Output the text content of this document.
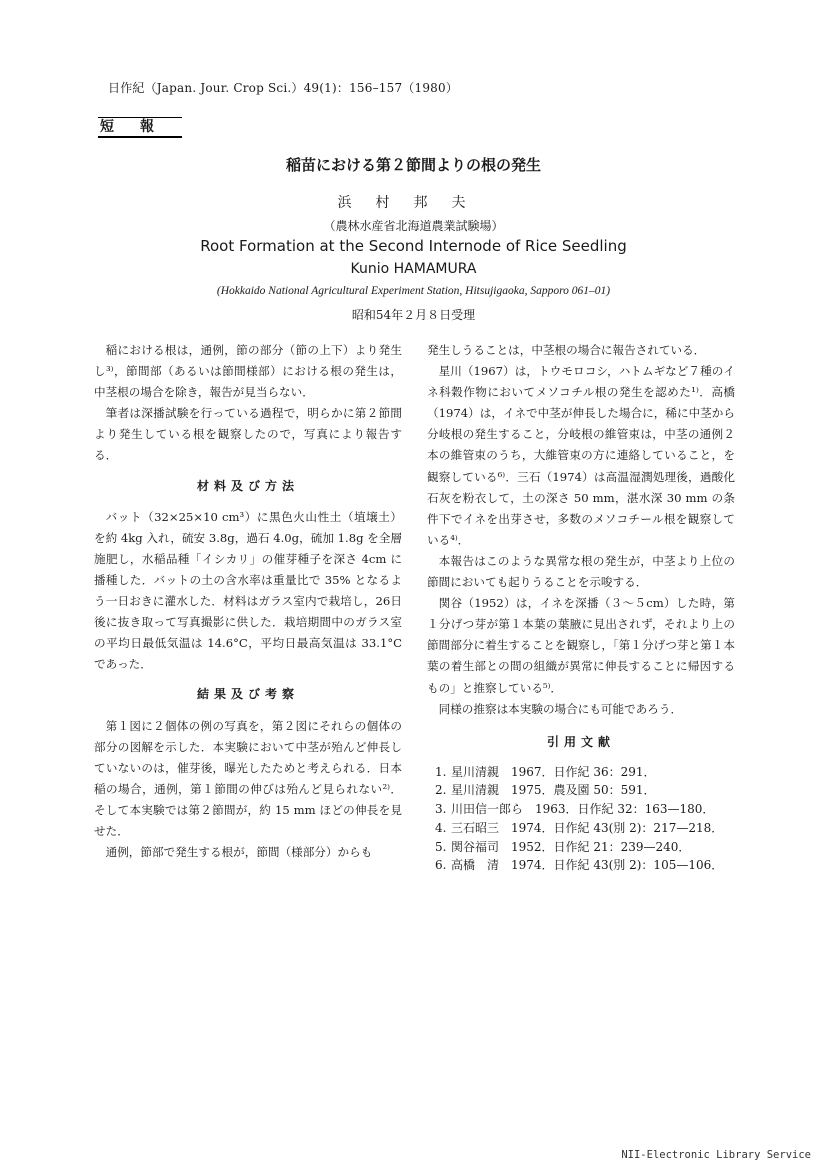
日作紀（Japan. Jour. Crop Sci.）49(1)：156–157（1980）
短報
稲苗における第２節間よりの根の発生
浜村邦夫
（農林水産省北海道農業試験場）
Root Formation at the Second Internode of Rice Seedling
Kunio HAMAMURA
(Hokkaido National Agricultural Experiment Station, Hitsujigaoka, Sapporo 061–01)
昭和54年２月８日受理

稲における根は，通例，節の部分（節の上下）より発生し³⁾，節間部（あるいは節間様部）における根の発生は，中茎根の場合を除き，報告が見当らない．

筆者は深播試験を行っている過程で，明らかに第２節間より発生している根を観察したので，写真により報告する．

材料及び方法

バット（32×25×10 cm³）に黒色火山性土（埴壌土）を約 4kg 入れ，硫安 3.8g，過石 4.0g，硫加 1.8g を全層施肥し，水稲品種「イシカリ」の催芽種子を深さ 4cm に播種した．バットの土の含水率は重量比で 35% となるよう一日おきに灌水した．材料はガラス室内で栽培し，26日後に抜き取って写真撮影に供した．栽培期間中のガラス室の平均日最低気温は 14.6°C，平均日最高気温は 33.1°C であった．

結果及び考察

第１図に２個体の例の写真を，第２図にそれらの個体の部分の図解を示した．本実験において中茎が殆んど伸長していないのは，催芽後，曝光したためと考えられる．日本稲の場合，通例，第１節間の伸びは殆んど見られない²⁾．そして本実験では第２節間が，約 15 mm ほどの伸長を見せた．

通例，節部で発生する根が，節間（様部分）からも

発生しうることは，中茎根の場合に報告されている．

星川（1967）は，トウモロコシ，ハトムギなど７種のイネ科穀作物においてメソコチル根の発生を認めた¹⁾．高橋（1974）は，イネで中茎が伸長した場合に，稀に中茎から分岐根の発生すること，分岐根の維管束は，中茎の通例２本の維管束のうち，大維管束の方に連絡していること，を観察している⁶⁾．三石（1974）は高温湿潤処理後，過酸化石灰を粉衣して，土の深さ 50 mm，湛水深 30 mm の条件下でイネを出芽させ，多数のメソコチール根を観察している⁴⁾．

本報告はこのような異常な根の発生が，中茎より上位の節間においても起りうることを示唆する．

関谷（1952）は，イネを深播（３〜５cm）した時，第１分げつ芽が第１本葉の葉腋に見出されず，それより上の節間部分に着生することを観察し，「第１分げつ芽と第１本葉の着生部との間の組織が異常に伸長することに帰因するもの」と推察している⁵⁾．

同様の推察は本実験の場合にも可能であろう．

引用文献
1. 星川清親　1967．日作紀 36：291．
2. 星川清親　1975．農及園 50：591．
3. 川田信一郎ら　1963．日作紀 32：163—180．
4. 三石昭三　1974．日作紀 43(別 2)：217—218．
5. 関谷福司　1952．日作紀 21：239—240．
6. 高橋　清　1974．日作紀 43(別 2)：105—106．
NII-Electronic Library Service
